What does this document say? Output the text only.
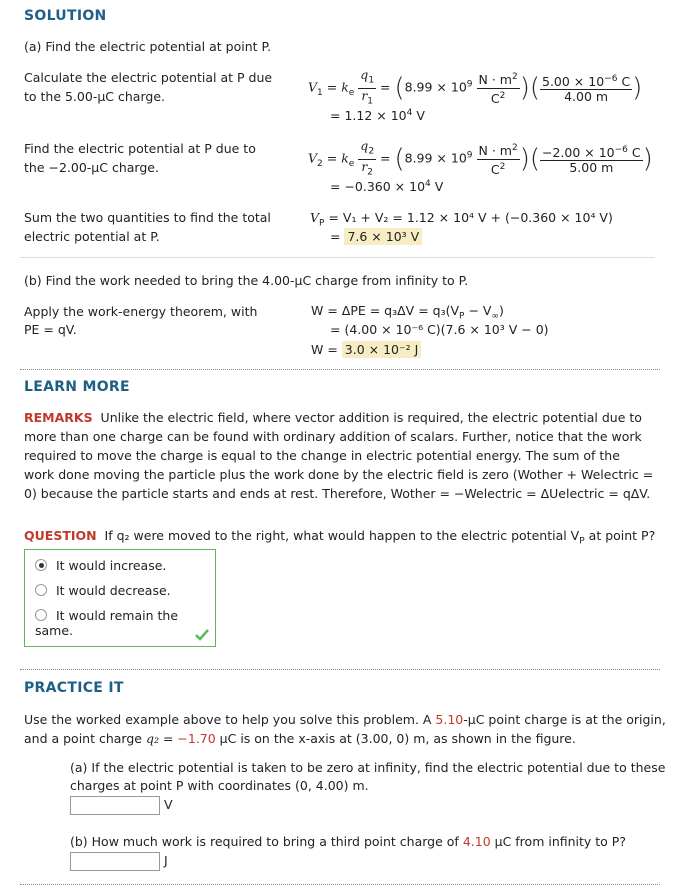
SOLUTION
(a) Find the electric potential at point P.
Calculate the electric potential at P due
to the 5.00-μC charge.
$V_1 = k_e \frac{q_1}{r_1} = (8.99 \times 10^9 \frac{N \cdot m^2}{C^2}$ )( $\frac{5.00 \times 10^{-6} C}{4.00 m}$ )
= $1.12 \times 10^4$ V
Find the electric potential at P due to
the −2.00-μC charge.
$V_2 = k_e \frac{q_2}{r_2} = (8.99 \times 10^9 \frac{N \cdot m^2}{C^2}$ )( $\frac{-2.00 \times 10^{-6} C}{5.00 m}$ )
= $-0.360 \times 10^4$ V
Sum the two quantities to find the total
electric potential at P.
$V_P = V_1 + V_2 = 1.12 \times 10^4$ V + (−0.360 × 10⁴ V)
= 7.6 × 10³ V
(b) Find the work needed to bring the 4.00-μC charge from infinity to P.
Apply the work-energy theorem, with
PE = qV.
$W = \Delta PE = q_3\Delta V = q_3(V_P - V_\infty)$
= (4.00 × 10⁻⁶ C)(7.6 × 10³ V − 0)
W = 3.0 × 10⁻² J
LEARN MORE
REMARKS Unlike the electric field, where vector addition is required, the electric potential due to more than one charge can be found with ordinary addition of scalars. Further, notice that the work required to move the charge is equal to the change in electric potential energy. The sum of the work done moving the particle plus the work done by the electric field is zero (Wother + Welectric = 0) because the particle starts and ends at rest. Therefore, Wother = −Welectric = ΔUelectric = qΔV.
QUESTION If q₂ were moved to the right, what would happen to the electric potential $V_P$ at point P?
It would increase.
It would decrease.
It would remain the same.
PRACTICE IT
Use the worked example above to help you solve this problem. A 5.10-μC point charge is at the origin,
and a point charge q₂ = −1.70 μC is on the x-axis at (3.00, 0) m, as shown in the figure.
(a) If the electric potential is taken to be zero at infinity, find the electric potential due to these
charges at point P with coordinates (0, 4.00) m.
V
(b) How much work is required to bring a third point charge of 4.10 μC from infinity to P?
J
